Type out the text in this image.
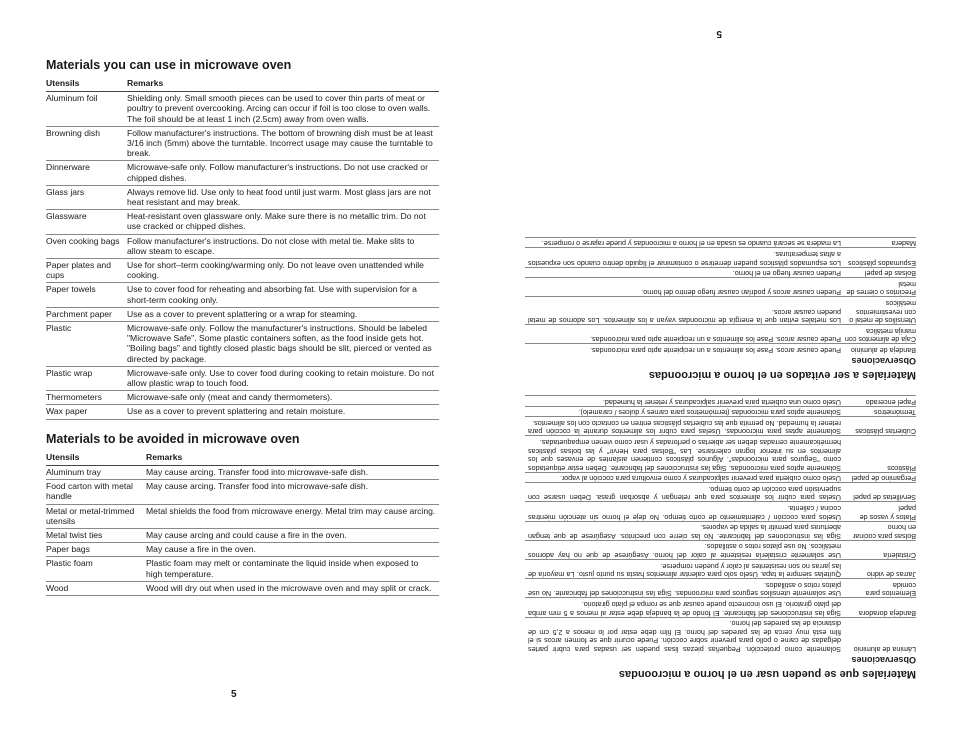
Materials you can use in microwave oven
Utensils	Remarks
Aluminum foil	Shielding only. Small smooth pieces can be used to cover thin parts of meat or poultry to prevent overcooking. Arcing can occur if foil is too close to oven walls. The foil should be at least 1 inch (2.5cm) away from oven walls.
Browning dish	Follow manufacturer's instructions. The bottom of browning dish must be at least 3/16 inch (5mm) above the turntable. Incorrect usage may cause the turntable to break.
Dinnerware	Microwave-safe only. Follow manufacturer's instructions. Do not use cracked or chipped dishes.
Glass jars	Always remove lid. Use only to heat food until just warm. Most glass jars are not heat resistant and may break.
Glassware	Heat-resistant oven glassware only. Make sure there is no metallic trim. Do not use cracked or chipped dishes.
Oven cooking bags	Follow manufacturer's instructions. Do not close with metal tie. Make slits to allow steam to escape.
Paper plates and cups	Use for short–term cooking/warming only. Do not leave oven unattended while cooking.
Paper towels	Use to cover food for reheating and absorbing fat. Use with supervision for a short-term cooking only.
Parchment paper	Use as a cover to prevent splattering or a wrap for steaming.
Plastic	Microwave-safe only. Follow the manufacturer's instructions. Should be labeled "Microwave Safe". Some plastic containers soften, as the food inside gets hot. "Boiling bags" and tightly closed plastic bags should be slit, pierced or vented as directed by package.
Plastic wrap	Microwave-safe only. Use to cover food during cooking to retain moisture. Do not allow plastic wrap to touch food.
Thermometers	Microwave-safe only (meat and candy thermometers).
Wax paper	Use as a cover to prevent splattering and retain moisture.
Materials to be avoided in microwave oven
Utensils	Remarks
Aluminum tray	May cause arcing. Transfer food into microwave-safe dish.
Food carton with metal handle	May cause arcing. Transfer food into microwave-safe dish.
Metal or metal-trimmed utensils	Metal shields the food from microwave energy. Metal trim may cause arcing.
Metal twist ties	May cause arcing and could cause a fire in the oven.
Paper bags	May cause a fire in the oven.
Plastic foam	Plastic foam may melt or contaminate the liquid inside when exposed to high temperature.
Wood	Wood will dry out when used in the microwave oven and may split or crack.
5
Materiales que se pueden usar en el horno a microondas
Observaciones
Lámina de aluminio	Solamente como protección. Pequeñas piezas lisas pueden ser usadas para cubrir partes delgadas de carne o pollo para prevenir sobre cocción. Puede ocurrir que se formen arcos si el film está muy cerca de las paredes del horno. El film debe estar por lo menos a 2,5 cm de distancia de las paredes del horno.
Bandeja doradora	Siga las instrucciones del fabricante. El fondo de la bandeja debe estar al menos a 5 mm arriba del plato giratorio. El uso incorrecto puede causar que se rompa el plato giratorio.
Elementos para comida	Use solamente utensilios seguros para microondas. Siga las instrucciones del fabricante. No use platos rotos o astillados.
Jarras de vidrio	Quítelas siempre la tapa. Úselo solo para calentar alimentos hasta su punto justo. La mayoría de las jarras no son resistentes al calor y pueden romperse.
Cristalería	Use solamente cristalería resistente al calor del horno. Asegúrese de que no hay adornos metálicos. No use platos rotos o astillados.
Bolsas para cocinar en horno	Siga las instrucciones del fabricante. No las cierre con precintos. Asegúrese de que tengan aberturas para permitir la salida de vapores.
Platos y vasos de papel	Úselos para cocción / calentamiento de corto tiempo. No deje el horno sin atención mientras cocina / calienta.
Servilletas de papel	Úselas para cubrir los alimentos para que retengan y absorban grasa. Deben usarse con supervisión para cocción de corto tiempo.
Pergamino de papel	Úselo como cubierta para prevenir salpicaduras y como envoltura para cocción al vapor.
Plásticos	Solamente aptos para microondas. Siga las instrucciones del fabricante. Deben estar etiquetados como "Seguros para microondas". Algunos plásticos contienen aislantes de envases que los alimentos en su interior logran calentarse. Las "Bolsas para Hervir" y las bolsas plásticas herméticamente cerradas deben ser abiertas o perforadas y usar como vienen empaquetadas.
Cubiertas plásticas	Solamente aptas para microondas. Úselas para cubrir los alimentos durante la cocción para retener la humedad. No permita que las cubiertas plásticas entren en contacto con los alimentos.
Termómetros	Solamente aptos para microondas (termómetros para carnes y dulces / caramelo).
Papel encerado	Úselo como una cubierta para prevenir salpicaduras y retener la humedad.
Materiales a ser evitados en el horno a microondas
Observaciones
Bandeja de aluminio	Puede causar arcos. Pase los alimentos a un recipiente apto para microondas.
Caja de alimentos con manija metálica	Puede causar arcos. Pase los alimentos a un recipiente apto para microondas.
Utensilios de metal o con revestimientos metálicos	Los metales evitan que la energía de microondas vayan a los alimentos. Los adornos de metal pueden causar arcos.
Precintos o cierres de metal	Pueden causar arcos y podrían causar fuego dentro del horno.
Bolsas de papel	Pueden causar fuego en el horno.
Espumados plásticos	Los espumados plásticos pueden derretirse o contaminar el líquido dentro cuando son expuestos a altas temperaturas.
Madera	La madera se secará cuando es usada en el horno a microondas y puede rajarse o romperse.
5
